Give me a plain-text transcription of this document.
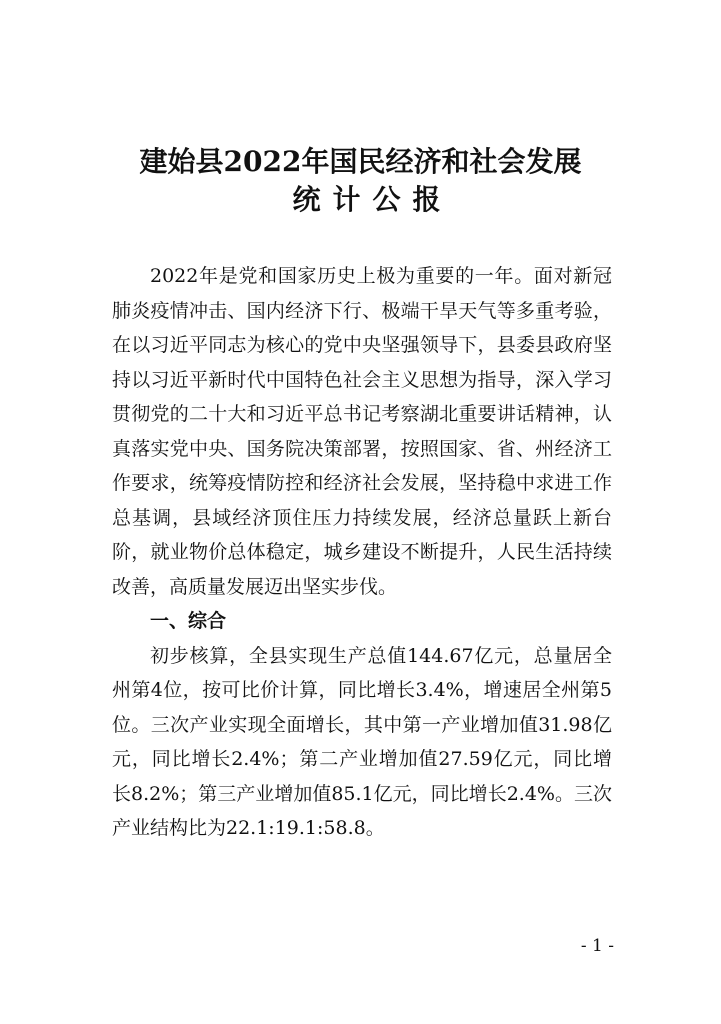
建始县2022年国民经济和社会发展
统计公报

2022年是党和国家历史上极为重要的一年。面对新冠肺炎疫情冲击、国内经济下行、极端干旱天气等多重考验，在以习近平同志为核心的党中央坚强领导下，县委县政府坚持以习近平新时代中国特色社会主义思想为指导，深入学习贯彻党的二十大和习近平总书记考察湖北重要讲话精神，认真落实党中央、国务院决策部署，按照国家、省、州经济工作要求，统筹疫情防控和经济社会发展，坚持稳中求进工作总基调，县域经济顶住压力持续发展，经济总量跃上新台阶，就业物价总体稳定，城乡建设不断提升，人民生活持续改善，高质量发展迈出坚实步伐。

一、综合

初步核算，全县实现生产总值144.67亿元，总量居全州第4位，按可比价计算，同比增长3.4%，增速居全州第5位。三次产业实现全面增长，其中第一产业增加值31.98亿元，同比增长2.4%；第二产业增加值27.59亿元，同比增长8.2%；第三产业增加值85.1亿元，同比增长2.4%。三次产业结构比为22.1:19.1:58.8。

- 1 -
